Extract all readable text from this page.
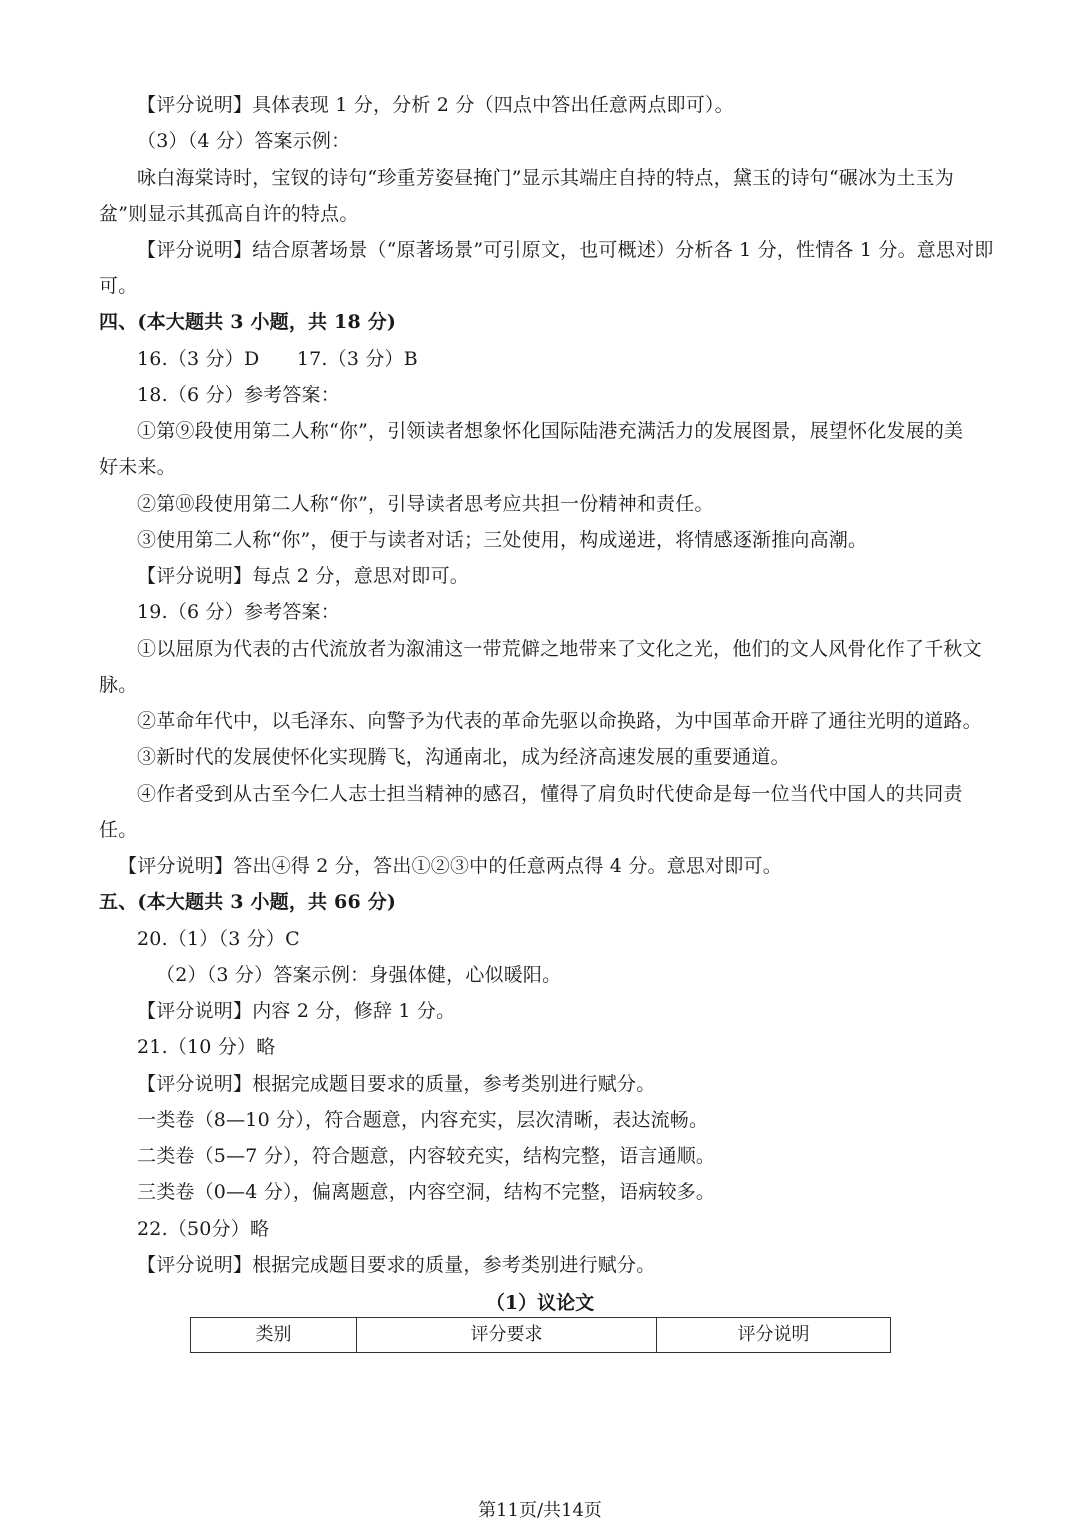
【评分说明】具体表现 1 分，分析 2 分（四点中答出任意两点即可）。
（3）（4 分）答案示例：
咏白海棠诗时，宝钗的诗句“珍重芳姿昼掩门”显示其端庄自持的特点，黛玉的诗句“碾冰为土玉为
盆”则显示其孤高自许的特点。
【评分说明】结合原著场景（“原著场景”可引原文，也可概述）分析各 1 分，性情各 1 分。意思对即
可。
四、(本大题共 3 小题，共 18 分)
16.（3 分）D      17.（3 分）B
18.（6 分）参考答案：
①第⑨段使用第二人称“你”，引领读者想象怀化国际陆港充满活力的发展图景，展望怀化发展的美
好未来。
②第⑩段使用第二人称“你”，引导读者思考应共担一份精神和责任。
③使用第二人称“你”，便于与读者对话；三处使用，构成递进，将情感逐渐推向高潮。
【评分说明】每点 2 分，意思对即可。
19.（6 分）参考答案：
①以屈原为代表的古代流放者为溆浦这一带荒僻之地带来了文化之光，他们的文人风骨化作了千秋文
脉。
②革命年代中，以毛泽东、向警予为代表的革命先驱以命换路，为中国革命开辟了通往光明的道路。
③新时代的发展使怀化实现腾飞，沟通南北，成为经济高速发展的重要通道。
④作者受到从古至今仁人志士担当精神的感召，懂得了肩负时代使命是每一位当代中国人的共同责
任。
【评分说明】答出④得 2 分，答出①②③中的任意两点得 4 分。意思对即可。
五、(本大题共 3 小题，共 66 分)
20.（1）（3 分）C
（2）（3 分）答案示例：身强体健，心似暖阳。
【评分说明】内容 2 分，修辞 1 分。
21.（10 分）略
【评分说明】根据完成题目要求的质量，参考类别进行赋分。
一类卷（8—10 分），符合题意，内容充实，层次清晰，表达流畅。
二类卷（5—7 分），符合题意，内容较充实，结构完整，语言通顺。
三类卷（0—4 分），偏离题意，内容空洞，结构不完整，语病较多。
22.（50分）略
【评分说明】根据完成题目要求的质量，参考类别进行赋分。
（1）议论文
类别	评分要求	评分说明
第11页/共14页
